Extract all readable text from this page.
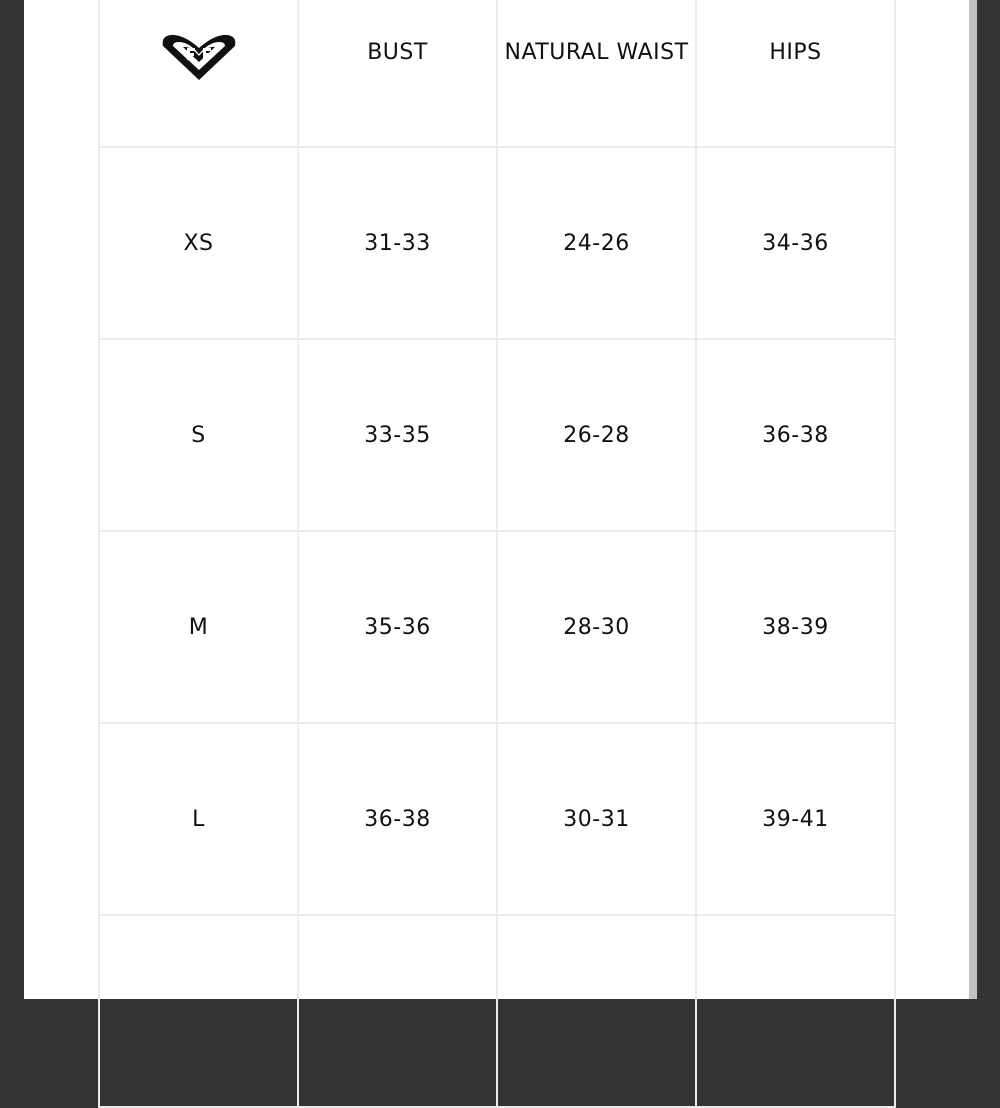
	BUST	NATURAL WAIST	HIPS
XS	31-33	24-26	34-36
S	33-35	26-28	36-38
M	35-36	28-30	38-39
L	36-38	30-31	39-41
